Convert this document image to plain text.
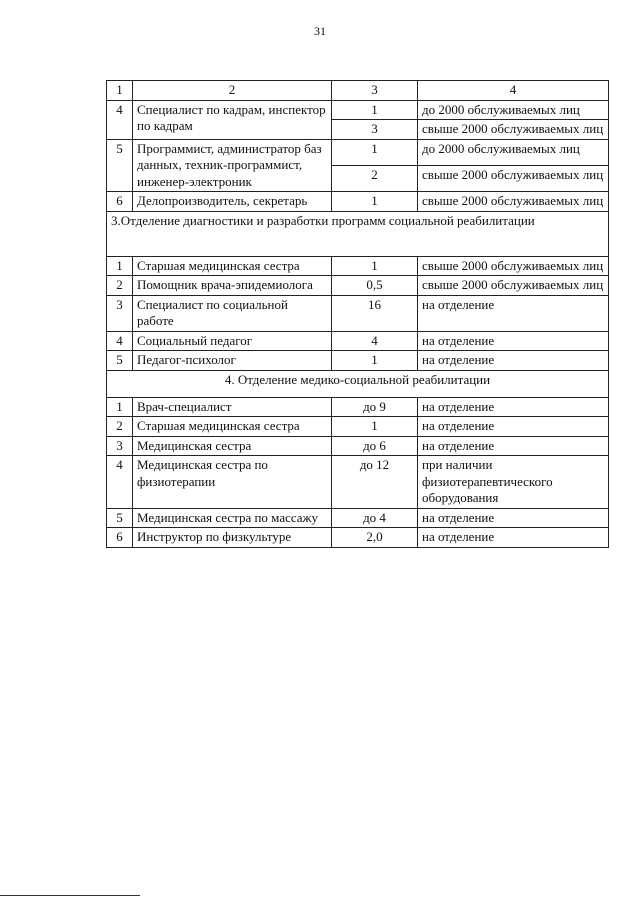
31
1	2	3	4
4	Специалист по кадрам, инспектор по кадрам	1	до 2000 обслуживаемых лиц
		3	свыше 2000 обслуживаемых лиц
5	Программист, администратор баз данных, техник-программист, инженер-электроник	1	до 2000 обслуживаемых лиц
		2	свыше 2000 обслуживаемых лиц
6	Делопроизводитель, секретарь	1	свыше 2000 обслуживаемых лиц
3.Отделение диагностики и разработки программ социальной реабилитации			
1	Старшая медицинская сестра	1	свыше 2000 обслуживаемых лиц
2	Помощник врача-эпидемиолога	0,5	свыше 2000 обслуживаемых лиц
3	Специалист по социальной работе	16	на отделение
4	Социальный педагог	4	на отделение
5	Педагог-психолог	1	на отделение
4. Отделение медико-социальной реабилитации			
1	Врач-специалист	до 9	на отделение
2	Старшая медицинская сестра	1	на отделение
3	Медицинская сестра	до 6	на отделение
4	Медицинская сестра по физиотерапии	до 12	при наличии физиотерапевтического оборудования
5	Медицинская сестра по массажу	до 4	на отделение
6	Инструктор по физкультуре	2,0	на отделение
